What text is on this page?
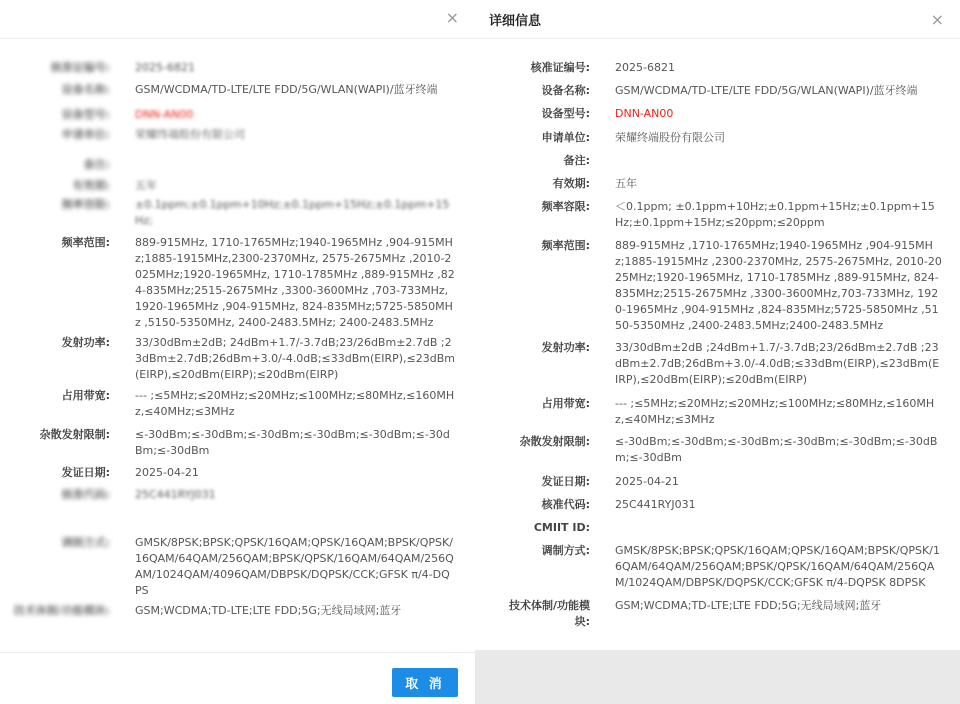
×
核准证编号: 2025-6821
设备名称: GSM/WCDMA/TD-LTE/LTE FDD/5G/WLAN(WAPI)/蓝牙终端
设备型号: DNN-AN00
申请单位: 荣耀终端股份有限公司
备注:
有效期: 五年
频率容限: ±0.1ppm;±0.1ppm+10Hz;±0.1ppm+15Hz;±0.1ppm+15Hz;
频率范围: 889-915MHz, 1710-1765MHz;1940-1965MHz ,904-915MHz;1885-1915MHz,2300-2370MHz, 2575-2675MHz ,2010-2025MHz;1920-1965MHz, 1710-1785MHz ,889-915MHz ,824-835MHz;2515-2675MHz ,3300-3600MHz ,703-733MHz, 1920-1965MHz ,904-915MHz, 824-835MHz;5725-5850MHz ,5150-5350MHz, 2400-2483.5MHz; 2400-2483.5MHz
发射功率: 33/30dBm±2dB; 24dBm+1.7/-3.7dB;23/26dBm±2.7dB ;23dBm±2.7dB;26dBm+3.0/-4.0dB;≤33dBm(EIRP),≤23dBm(EIRP),≤20dBm(EIRP);≤20dBm(EIRP)
占用带宽: --- ;≤5MHz;≤20MHz;≤20MHz;≤100MHz;≤80MHz,≤160MHz,≤40MHz;≤3MHz
杂散发射限制: ≤-30dBm;≤-30dBm;≤-30dBm;≤-30dBm;≤-30dBm;≤-30dBm;≤-30dBm
发证日期: 2025-04-21
核准代码: 25C441RYJ031
调制方式: GMSK/8PSK;BPSK;QPSK/16QAM;QPSK/16QAM;BPSK/QPSK/16QAM/64QAM/256QAM;BPSK/QPSK/16QAM/64QAM/256QAM/1024QAM/4096QAM/DBPSK/DQPSK/CCK;GFSK π/4-DQPS
技术体制/功能模块: GSM;WCDMA;TD-LTE;LTE FDD;5G;无线局域网;蓝牙
取 消
详细信息	×
核准证编号: 2025-6821
设备名称: GSM/WCDMA/TD-LTE/LTE FDD/5G/WLAN(WAPI)/蓝牙终端
设备型号: DNN-AN00
申请单位: 荣耀终端股份有限公司
备注:
有效期: 五年
频率容限: ＜0.1ppm; ±0.1ppm+10Hz;±0.1ppm+15Hz;±0.1ppm+15Hz;±0.1ppm+15Hz;≤20ppm;≤20ppm
频率范围: 889-915MHz ,1710-1765MHz;1940-1965MHz ,904-915MHz;1885-1915MHz ,2300-2370MHz, 2575-2675MHz, 2010-2025MHz;1920-1965MHz, 1710-1785MHz ,889-915MHz, 824-835MHz;2515-2675MHz ,3300-3600MHz,703-733MHz, 1920-1965MHz ,904-915MHz ,824-835MHz;5725-5850MHz ,5150-5350MHz ,2400-2483.5MHz;2400-2483.5MHz
发射功率: 33/30dBm±2dB ;24dBm+1.7/-3.7dB;23/26dBm±2.7dB ;23dBm±2.7dB;26dBm+3.0/-4.0dB;≤33dBm(EIRP),≤23dBm(EIRP),≤20dBm(EIRP);≤20dBm(EIRP)
占用带宽: --- ;≤5MHz;≤20MHz;≤20MHz;≤100MHz;≤80MHz,≤160MHz,≤40MHz;≤3MHz
杂散发射限制: ≤-30dBm;≤-30dBm;≤-30dBm;≤-30dBm;≤-30dBm;≤-30dBm;≤-30dBm
发证日期: 2025-04-21
核准代码: 25C441RYJ031
CMIIT ID:
调制方式: GMSK/8PSK;BPSK;QPSK/16QAM;QPSK/16QAM;BPSK/QPSK/16QAM/64QAM/256QAM;BPSK/QPSK/16QAM/64QAM/256QAM/1024QAM/DBPSK/DQPSK/CCK;GFSK π/4-DQPSK 8DPSK
技术体制/功能模
块:
GSM;WCDMA;TD-LTE;LTE FDD;5G;无线局域网;蓝牙
